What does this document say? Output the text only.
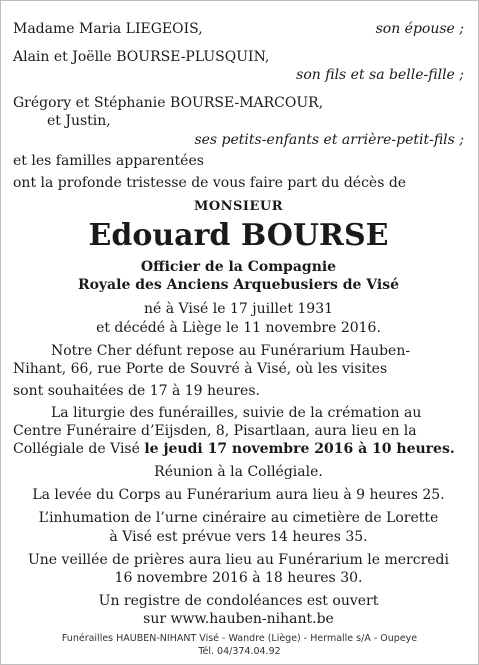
Madame Maria LIEGEOIS,	son épouse ;
Alain et Joëlle BOURSE-PLUSQUIN,
son fils et sa belle-fille ;
Grégory et Stéphanie BOURSE-MARCOUR,
et Justin,
ses petits-enfants et arrière-petit-fils ;
et les familles apparentées
ont la profonde tristesse de vous faire part du décès de
MONSIEUR
Edouard BOURSE
Officier de la Compagnie
Royale des Anciens Arquebusiers de Visé
né à Visé le 17 juillet 1931
et décédé à Liège le 11 novembre 2016.
Notre Cher défunt repose au Funérarium Hauben-
Nihant, 66, rue Porte de Souvré à Visé, où les visites
sont souhaitées de 17 à 19 heures.
La liturgie des funérailles, suivie de la crémation au
Centre Funéraire d’Eijsden, 8, Pisartlaan, aura lieu en la
Collégiale de Visé le jeudi 17 novembre 2016 à 10 heures.
Réunion à la Collégiale.
La levée du Corps au Funérarium aura lieu à 9 heures 25.
L’inhumation de l’urne cinéraire au cimetière de Lorette
à Visé est prévue vers 14 heures 35.
Une veillée de prières aura lieu au Funérarium le mercredi
16 novembre 2016 à 18 heures 30.
Un registre de condoléances est ouvert
sur www.hauben-nihant.be
Funérailles HAUBEN-NIHANT Visé - Wandre (Liège) - Hermalle s/A - Oupeye
Tél. 04/374.04.92
